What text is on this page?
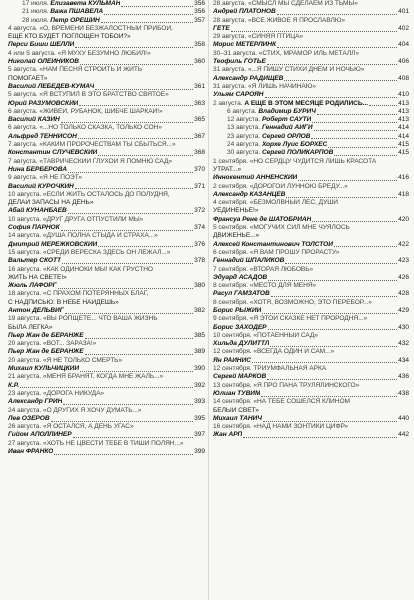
17 июля. Елизавета КУЛЬМАН	356
21 июля. Важа ПШАВЕЛА	356
28 июля. Петр ОРЕШИН	357
4 августа. «О, ВРЕМЕНИ БЕЗЖАЛОСТНЫЙ ПРИБОЙ,
ЕЩЕ КТО БУДЕТ ПОГЛОЩЕН ТОБОЙ?»
Перси Биши ШЕЛЛИ	358
4 или 5 августа. «Я МУХУ БЕЗУМНО ЛЮБИЛ!»
Николай ОЛЕЙНИКОВ	360
5 августа. «НАМ ПЕСНЯ СТРОИТЬ И ЖИТЬ
ПОМОГАЕТ»
Василий ЛЕБЕДЕВ-КУМАЧ	361
5 августа. «Я ВСТУПИЛ В ЭТО БРАТСТВО СВЯТОЕ»
Юрий РАЗУМОВСКИЙ	363
6 августа. «ЖИВЕЙ, РУБАНОК, ШИБЧЕ ШАРКАЙ!»
Василий КАЗИН	365
6 августа. «...НО ТОЛЬКО СКАЗКА, ТОЛЬКО СОН»
Альфред ТЕННИСОН	367
7 августа. «КАКИМ ПРОРОЧЕСТВАМ ТЫ СБЫТЬСЯ...»
Константин СЛУЧЕВСКИЙ	368
7 августа. «ТАВРИЧЕСКИЙ ГЛУХОЙ Я ПОМНЮ САД»
Нина БЕРБЕРОВА	370
9 августа. «Я НЕ ПОЭТ»
Василий КУРОЧКИН	371
10 августа. «ЕСЛИ ЖИТЬ ОСТАЛОСЬ ДО ПОЛУДНЯ,
ДЕЛАЙ ЗАПАСЫ НА ДЕНЬ»
Абай КУНАНБАЕВ	372
10 августа. «ДРУГ ДРУГА ОТПУСТИЛИ МЫ»
София ПАРНОК	374
14 августа. «ДУША ПОЛНА СТЫДА И СТРАХА...»
Дмитрий МЕРЕЖКОВСКИЙ	376
15 августа. «СРЕДИ ВЕРЕСКА ЗДЕСЬ ОН ЛЕЖАЛ...»
Вальтер СКОТТ	378
16 августа. «КАК ОДИНОКИ МЫ! КАК ГРУСТНО
ЖИТЬ НА СВЕТЕ!»
Жюль ЛАФОРГ	380
18 августа. «С ПРАХОМ ПОТЕРЯННЫХ БЛАГ,
С НАДПИСЬЮ: В НЕБЕ НАЙДЕШЬ»
Антон ДЕЛЬВИГ	382
19 августа. «ВЫ РОПЩЕТЕ... ЧТО ВАША ЖИЗНЬ
БЫЛА ЛЕГКА»
Пьер Жан де БЕРАНЖЕ	385
20 августа. «ВОТ... ЗАРАЗА!»
Пьер Жан де БЕРАНЖЕ	389
20 августа. «Я НЕ ТОЛЬКО СМЕРТЬ»
Михаил КУЛЬЧИЦКИЙ	390
21 августа. «МЕНЯ БРАНЯТ, КОГДА МНЕ ЖАЛЬ...»
К.Р.	392
23 августа. «ДОРОГА НИКУДА»
Александр ГРИН	393
24 августа. «О ДРУГИХ Я ХОЧУ ДУМАТЬ...»
Лев ОЗЕРОВ	395
26 августа. «Я ОСТАЛСЯ, А ДЕНЬ УГАС»
Гийом АПОЛЛИНЕР	397
27 августа. «ХОТЬ НЕ ЦВЕСТИ ТЕБЕ В ТИШИ ПОЛЯН...»
Иван ФРАНКО	399
28 августа. «СМЫСЛ МЫ СДЕЛАЕМ ИЗ ТЬМЫ»
Андрей ПЛАТОНОВ	401
28 августа. «ВСЕ ЖИВОЕ Я ПРОСЛАВЛЮ»
ГЁТЕ	402
29 августа. «СИНЯЯ ПТИЦА»
Морис МЕТЕРЛИНК	404
30–31 августа. «СТИХ, МРАМОР ИЛЬ МЕТАЛЛ»
Теофиль ГОТЬЕ	406
31 августа. «...Я ПИШУ СТИХИ ДНЕМ И НОЧЬЮ»
Александр РАДИЩЕВ	408
31 августа. «Я ЛИШЬ НАЧИНАЮ»
Ульям САРОЯН	410
2 августа. А ЕЩЕ В ЭТОМ МЕСЯЦЕ РОДИЛИСЬ...	413
6 августа. Владимир БУРИЧ	413
12 августа. Роберт САУТИ	413
13 августа. Геннадий АЙГИ	414
23 августа. Сергей ОРЛОВ	414
24 августа. Хорхе Луис БОРХЕС	415
30 августа. Сергей ПОЛИКАРПОВ	415
1 сентября. «НО СЕРДЦУ ЧУДИТСЯ ЛИШЬ КРАСОТА
УТРАТ...»
Иннокентий АННЕНСКИЙ	416
2 сентября. «ДОРОГОЙ ЛУННОЮ БРЕДУ...»
Александр КАЗАНЦЕВ	418
4 сентября. «БЕЗМОЛВНЫЙ ЛЕС, ДУШИ
УЕДИНЕНЬЕ!»
Франсуа Рене де ШАТОБРИАН	420
5 сентября. «МОГУЧИХ СИЛ МНЕ ЧУЯЛОСЬ
ДВИЖЕНЬЕ...»
Алексей Константинович ТОЛСТОЙ	422
6 сентября. «Я ВАМ ПРОШУ ПРОРАСТУ»
Геннадий ШПАЛИКОВ	423
7 сентября. «ВТОРАЯ ЛЮБОВЬ»
Эдуард АСАДОВ	426
8 сентября. «МЕСТО ДЛЯ МЕНЯ»
Расул ГАМЗАТОВ	428
8 сентября. «ХОТЯ, ВОЗМОЖНО, ЭТО ПЕРЕБОР...»
Борис РЫЖИЙ	429
9 сентября. «Я ЭТОЙ СКАЗКЕ НЕТ ПРОРОДНЯ...»
Борис ЗАХОДЕР	430
10 сентября. «ПОТАЕННЫЙ САД»
Хильда ДУЛИТТЛ	432
12 сентября. «ВСЕГДА ОДИН И САМ...»
Ян РАЙНИС	434
12 сентября. ТРИУМФАЛЬНАЯ АРКА
Сергей МАРКОВ	436
13 сентября. «Я ПРО ПАНА ТРУЛЯЛИНСКОГО»
Юлиан ТУВИМ	438
14 сентября. «НА ТЕБЕ СОШЕЛСЯ КЛИНОМ
БЕЛЫЙ СВЕТ»
Михаил ТАНИЧ	440
16 сентября. «НАД НАМИ ЗОНТИКИ ЦИФР»
Жан АРП	442
